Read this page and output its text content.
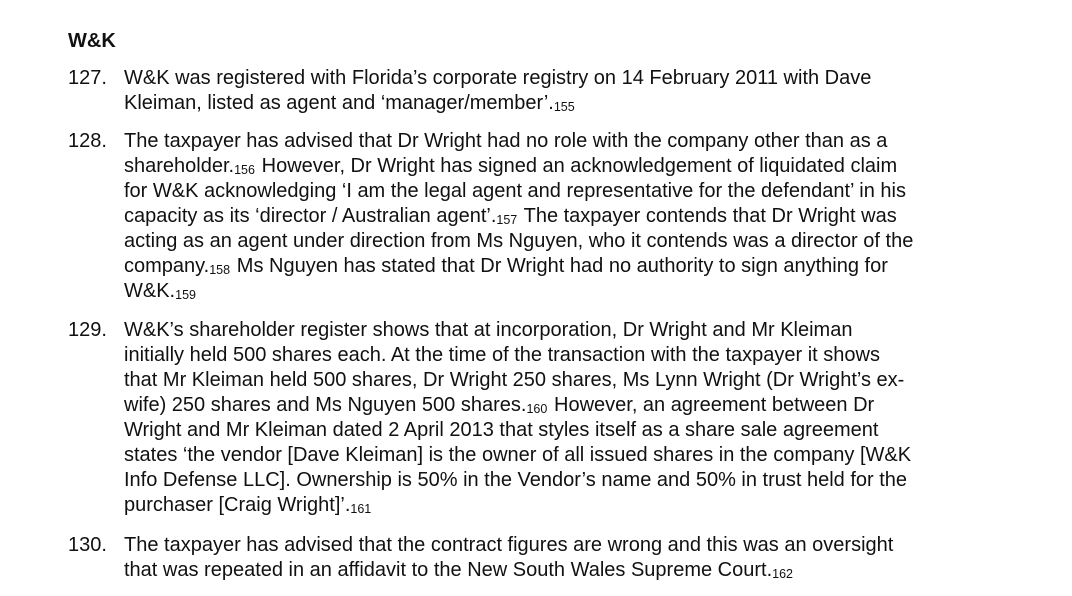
W&K
127. W&K was registered with Florida’s corporate registry on 14 February 2011 with Dave
Kleiman, listed as agent and ‘manager/member’. 155
128. The taxpayer has advised that Dr Wright had no role with the company other than as a
shareholder. 156 However, Dr Wright has signed an acknowledgement of liquidated claim
for W&K acknowledging ‘I am the legal agent and representative for the defendant’ in his
capacity as its ‘director / Australian agent’. 157 The taxpayer contends that Dr Wright was
acting as an agent under direction from Ms Nguyen, who it contends was a director of the
company. 158 Ms Nguyen has stated that Dr Wright had no authority to sign anything for
W&K. 159
129. W&K’s shareholder register shows that at incorporation, Dr Wright and Mr Kleiman
initially held 500 shares each. At the time of the transaction with the taxpayer it shows
that Mr Kleiman held 500 shares, Dr Wright 250 shares, Ms Lynn Wright (Dr Wright’s ex-
wife) 250 shares and Ms Nguyen 500 shares. 160 However, an agreement between Dr
Wright and Mr Kleiman dated 2 April 2013 that styles itself as a share sale agreement
states ‘the vendor [Dave Kleiman] is the owner of all issued shares in the company [W&K
Info Defense LLC]. Ownership is 50% in the Vendor’s name and 50% in trust held for the
purchaser [Craig Wright]’. 161
130. The taxpayer has advised that the contract figures are wrong and this was an oversight
that was repeated in an affidavit to the New South Wales Supreme Court. 162
